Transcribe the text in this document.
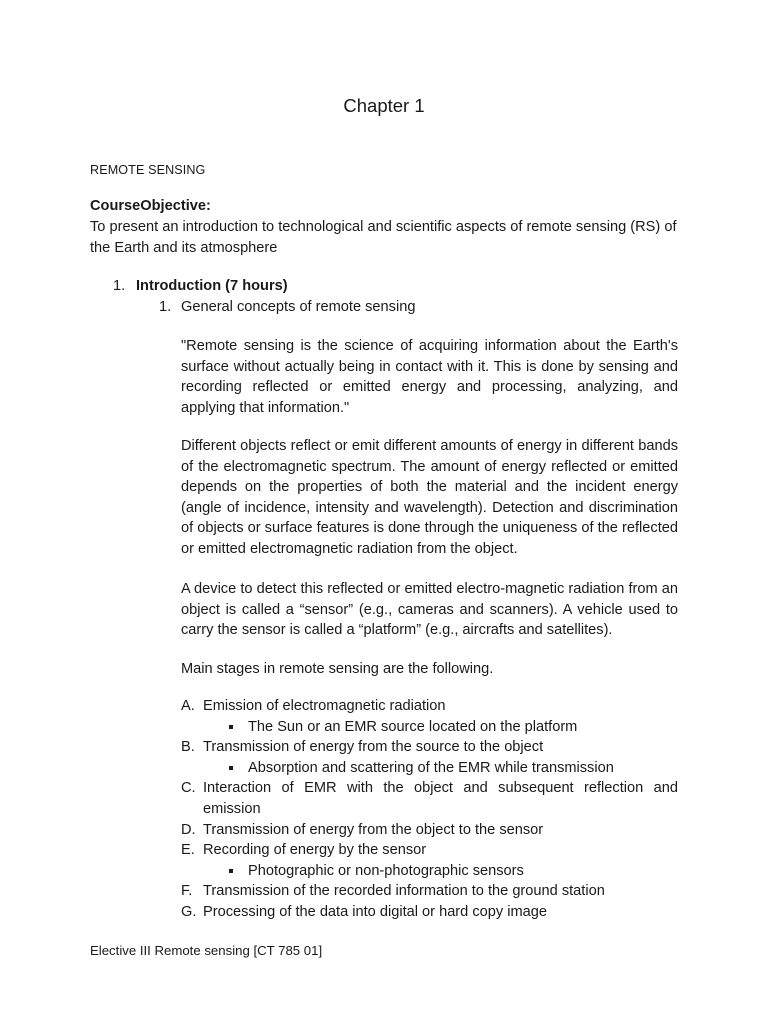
Chapter 1
REMOTE SENSING
CourseObjective:
To present an introduction to technological and scientific aspects of remote sensing (RS) of the Earth and its atmosphere
1. Introduction (7 hours)
1. General concepts of remote sensing
"Remote sensing is the science of acquiring information about the Earth's surface without actually being in contact with it. This is done by sensing and recording reflected or emitted energy and processing, analyzing, and applying that information."
Different objects reflect or emit different amounts of energy in different bands of the electromagnetic spectrum. The amount of energy reflected or emitted depends on the properties of both the material and the incident energy (angle of incidence, intensity and wavelength). Detection and discrimination of objects or surface features is done through the uniqueness of the reflected or emitted electromagnetic radiation from the object.
A device to detect this reflected or emitted electro-magnetic radiation from an object is called a “sensor” (e.g., cameras and scanners). A vehicle used to carry the sensor is called a “platform” (e.g., aircrafts and satellites).
Main stages in remote sensing are the following.
A. Emission of electromagnetic radiation
The Sun or an EMR source located on the platform
B. Transmission of energy from the source to the object
Absorption and scattering of the EMR while transmission
C. Interaction of EMR with the object and subsequent reflection and emission
D. Transmission of energy from the object to the sensor
E. Recording of energy by the sensor
Photographic or non-photographic sensors
F. Transmission of the recorded information to the ground station
G. Processing of the data into digital or hard copy image
Elective III Remote sensing [CT 785 01]
